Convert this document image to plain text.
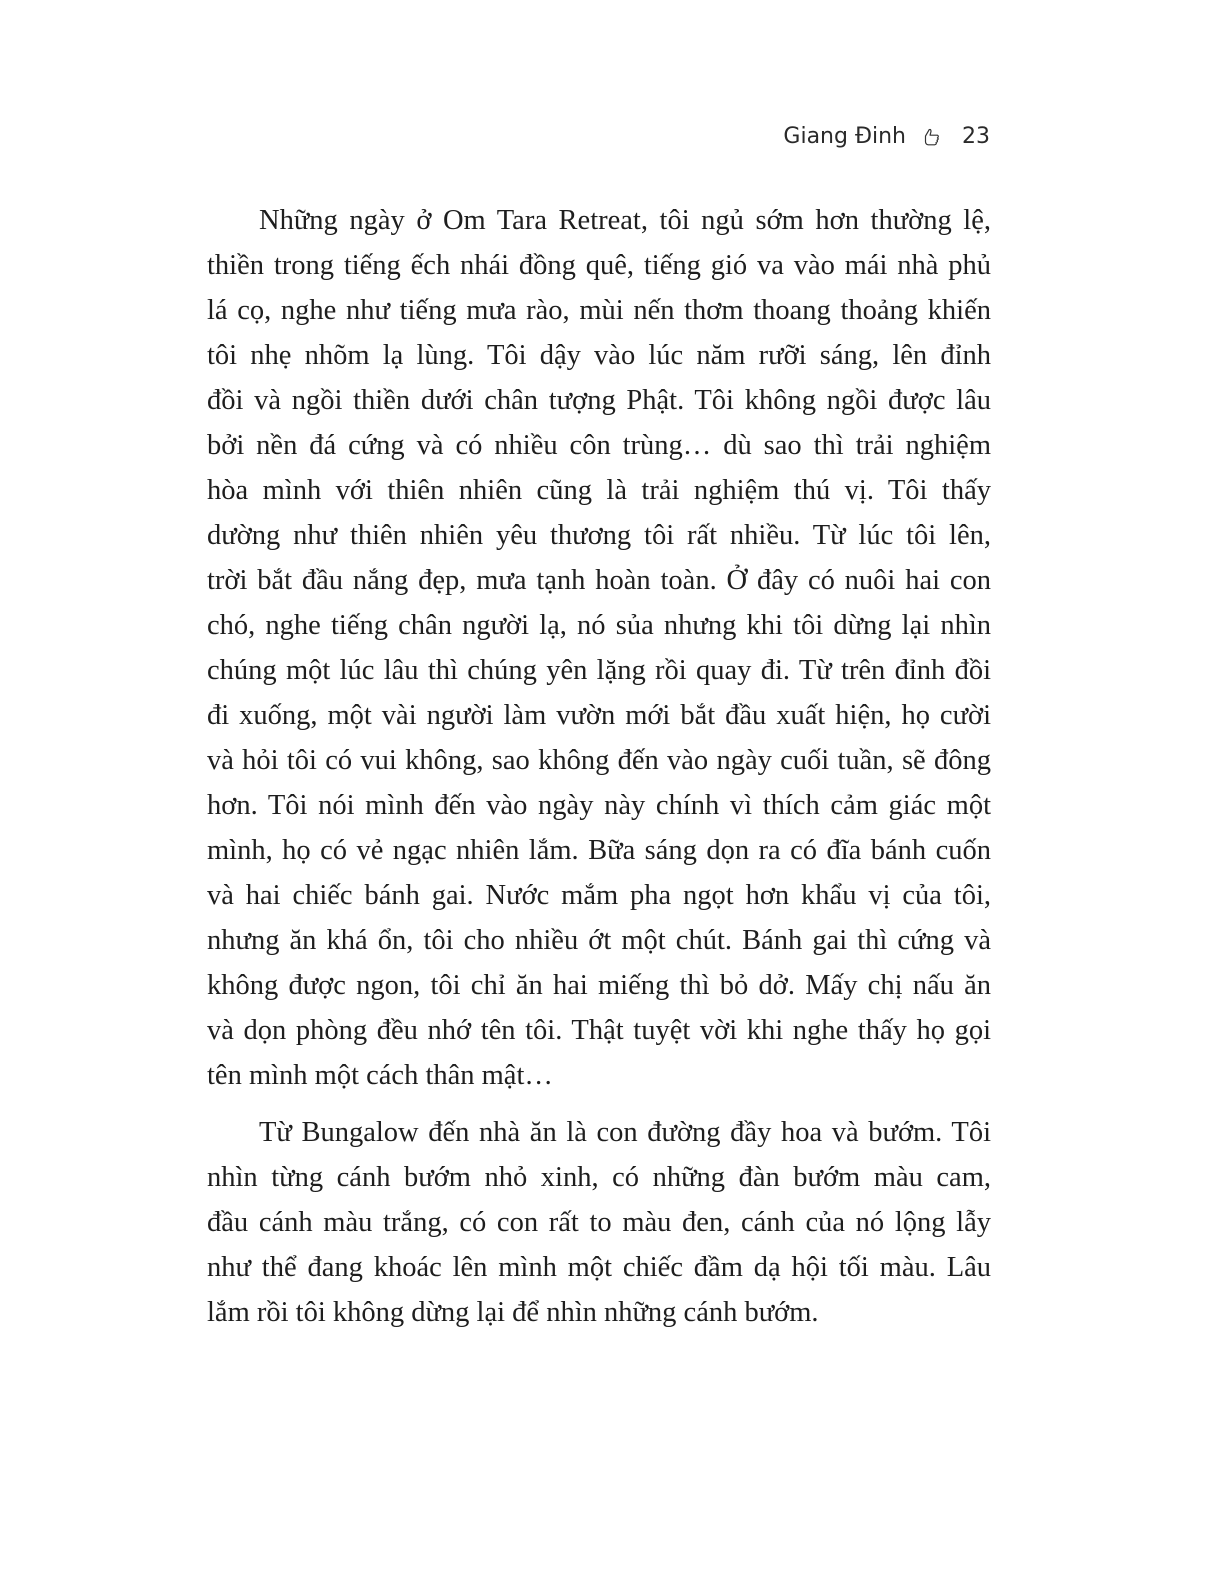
Giang Đinh	23
Những ngày ở Om Tara Retreat, tôi ngủ sớm hơn thường lệ,
thiền trong tiếng ếch nhái đồng quê, tiếng gió va vào mái nhà phủ
lá cọ, nghe như tiếng mưa rào, mùi nến thơm thoang thoảng khiến
tôi nhẹ nhõm lạ lùng. Tôi dậy vào lúc năm rưỡi sáng, lên đỉnh
đồi và ngồi thiền dưới chân tượng Phật. Tôi không ngồi được lâu
bởi nền đá cứng và có nhiều côn trùng… dù sao thì trải nghiệm
hòa mình với thiên nhiên cũng là trải nghiệm thú vị. Tôi thấy
dường như thiên nhiên yêu thương tôi rất nhiều. Từ lúc tôi lên,
trời bắt đầu nắng đẹp, mưa tạnh hoàn toàn. Ở đây có nuôi hai con
chó, nghe tiếng chân người lạ, nó sủa nhưng khi tôi dừng lại nhìn
chúng một lúc lâu thì chúng yên lặng rồi quay đi. Từ trên đỉnh đồi
đi xuống, một vài người làm vườn mới bắt đầu xuất hiện, họ cười
và hỏi tôi có vui không, sao không đến vào ngày cuối tuần, sẽ đông
hơn. Tôi nói mình đến vào ngày này chính vì thích cảm giác một
mình, họ có vẻ ngạc nhiên lắm. Bữa sáng dọn ra có đĩa bánh cuốn
và hai chiếc bánh gai. Nước mắm pha ngọt hơn khẩu vị của tôi,
nhưng ăn khá ổn, tôi cho nhiều ớt một chút. Bánh gai thì cứng và
không được ngon, tôi chỉ ăn hai miếng thì bỏ dở. Mấy chị nấu ăn
và dọn phòng đều nhớ tên tôi. Thật tuyệt vời khi nghe thấy họ gọi
tên mình một cách thân mật…
Từ Bungalow đến nhà ăn là con đường đầy hoa và bướm. Tôi
nhìn từng cánh bướm nhỏ xinh, có những đàn bướm màu cam,
đầu cánh màu trắng, có con rất to màu đen, cánh của nó lộng lẫy
như thể đang khoác lên mình một chiếc đầm dạ hội tối màu. Lâu
lắm rồi tôi không dừng lại để nhìn những cánh bướm.
